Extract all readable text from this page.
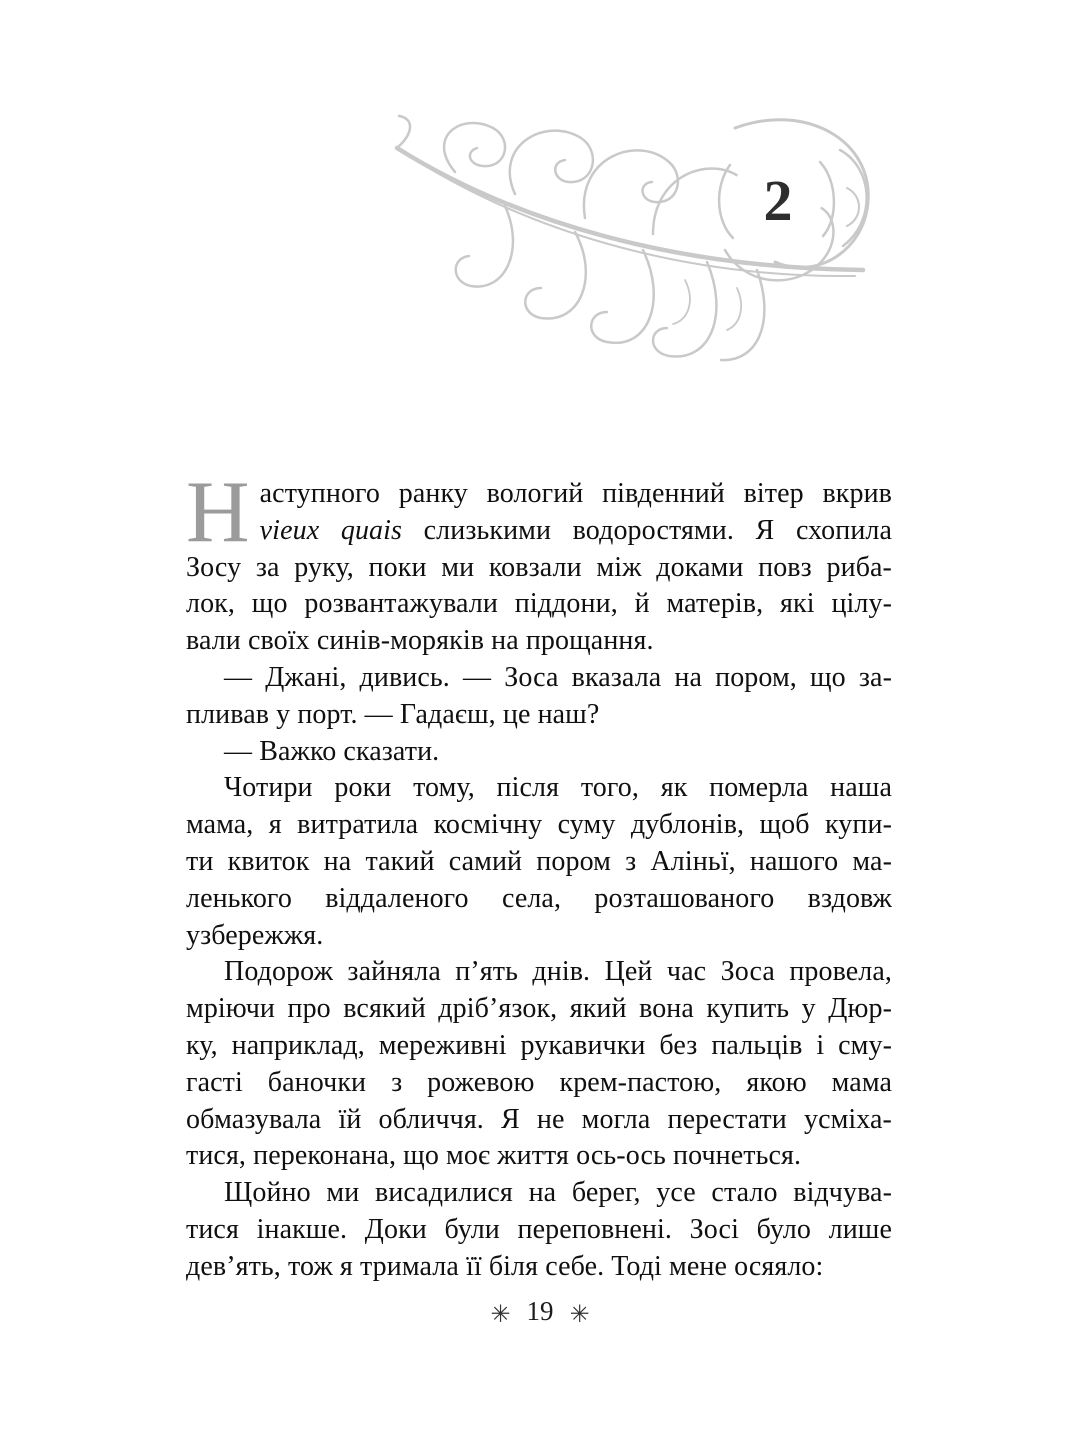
2
Н аступного ранку вологий південний вітер вкрив
vieux quais слизькими водоростями. Я схопила
Зосу за руку, поки ми ковзали між доками повз риба-
лок, що розвантажували піддони, й матерів, які цілу-
вали своїх синів-моряків на прощання.
— Джані, дивись. — Зоса вказала на пором, що за-
пливав у порт. — Гадаєш, це наш?
— Важко сказати.
Чотири роки тому, після того, як померла наша
мама, я витратила космічну суму дублонів, щоб купи-
ти квиток на такий самий пором з Аліньї, нашого ма-
ленького віддаленого села, розташованого вздовж
узбережжя.
Подорож зайняла п’ять днів. Цей час Зоса провела,
мріючи про всякий дріб’язок, який вона купить у Дюр-
ку, наприклад, мереживні рукавички без пальців і сму-
гасті баночки з рожевою крем-пастою, якою мама
обмазувала їй обличчя. Я не могла перестати усміха-
тися, переконана, що моє життя ось-ось почнеться.
Щойно ми висадилися на берег, усе стало відчува-
тися інакше. Доки були переповнені. Зосі було лише
дев’ять, тож я тримала її біля себе. Тоді мене осяяло:
✳ 19 ✳
